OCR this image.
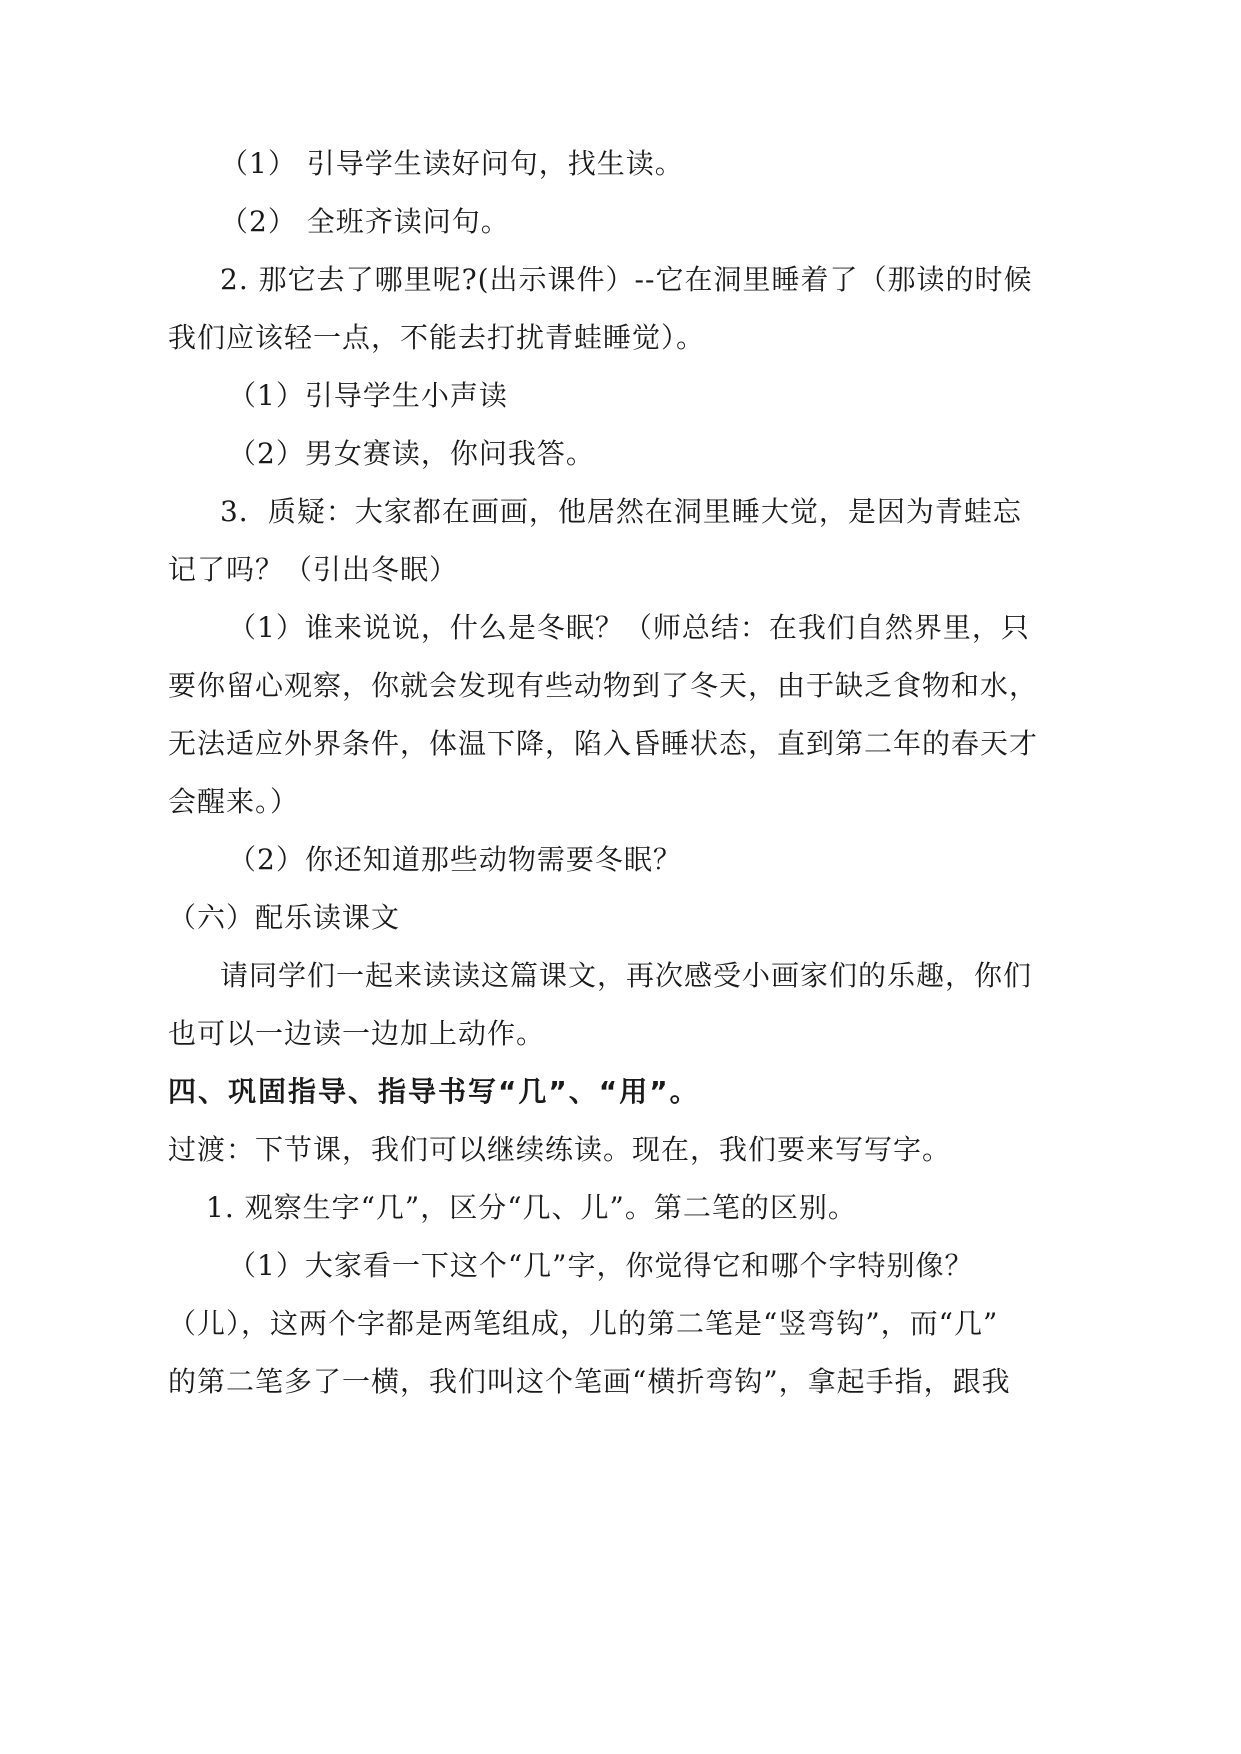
（1） 引导学生读好问句，找生读。
（2） 全班齐读问句。
2. 那它去了哪里呢?(出示课件）--它在洞里睡着了（那读的时候
我们应该轻一点，不能去打扰青蛙睡觉）。
（1）引导学生小声读
（2）男女赛读，你问我答。
3．质疑：大家都在画画，他居然在洞里睡大觉，是因为青蛙忘
记了吗？（引出冬眠）
（1）谁来说说，什么是冬眠？（师总结：在我们自然界里，只
要你留心观察，你就会发现有些动物到了冬天，由于缺乏食物和水，
无法适应外界条件，体温下降，陷入昏睡状态，直到第二年的春天才
会醒来。）
（2）你还知道那些动物需要冬眠？
（六）配乐读课文
请同学们一起来读读这篇课文，再次感受小画家们的乐趣，你们
也可以一边读一边加上动作。
四、巩固指导、指导书写“几”、“用”。
过渡：下节课，我们可以继续练读。现在，我们要来写写字。
1. 观察生字“几”，区分“几、儿”。第二笔的区别。
（1）大家看一下这个“几”字，你觉得它和哪个字特别像？
（儿），这两个字都是两笔组成，儿的第二笔是“竖弯钩”，而“几”
的第二笔多了一横，我们叫这个笔画“横折弯钩”，拿起手指，跟我
